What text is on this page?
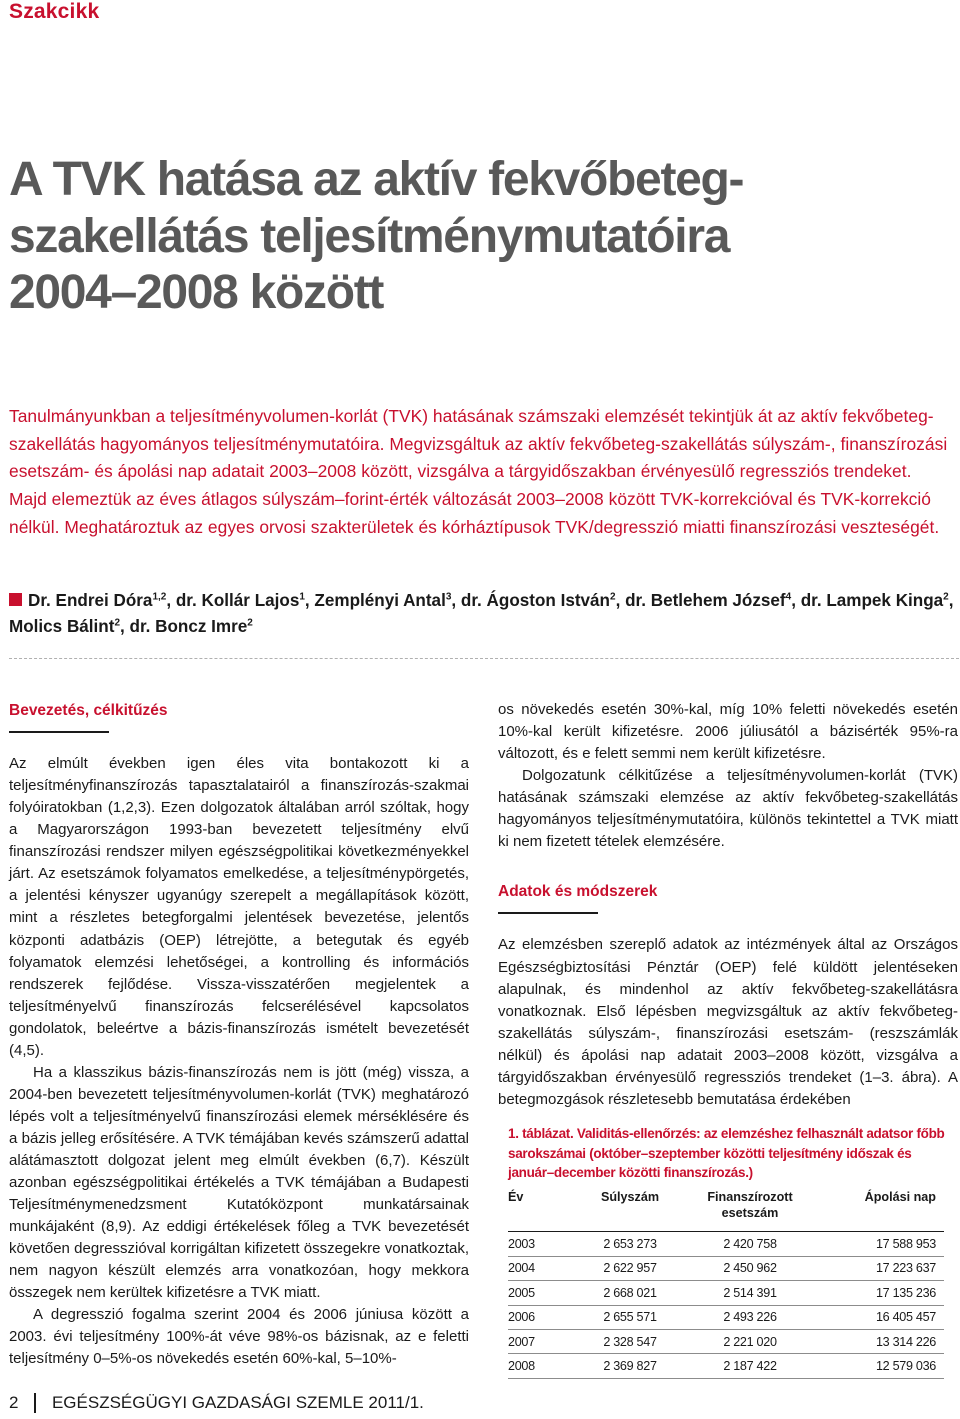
Szakcikk
A TVK hatása az aktív fekvőbeteg-
szakellátás teljesítménymutatóira
2004–2008 között

Tanulmányunkban a teljesítményvolumen-korlát (TVK) hatásának számszaki elemzését tekintjük át az aktív fekvőbeteg-szakellátás hagyományos teljesítménymutatóira. Megvizsgáltuk az aktív fekvőbeteg-szakellátás súlyszám-, finanszírozási esetszám- és ápolási nap adatait 2003–2008 között, vizsgálva a tárgyidőszakban érvényesülő regressziós trendeket. Majd elemeztük az éves átlagos súlyszám–forint-érték változását 2003–2008 között TVK-korrekcióval és TVK-korrekció nélkül. Meghatároztuk az egyes orvosi szakterületek és kórháztípusok TVK/degresszió miatti finanszírozási veszteségét.

Dr. Endrei Dóra$^{1,2}$, dr. Kollár Lajos$^1$, Zemplényi Antal$^3$, dr. Ágoston István$^2$, dr. Betlehem József$^4$, dr. Lampek Kinga$^2$, Molics Bálint$^2$, dr. Boncz Imre$^2$

Bevezetés, célkitűzés

Az elmúlt években igen éles vita bontakozott ki a teljesítményfinanszírozás tapasztalatairól a finanszírozás-szakmai folyóiratokban (1,2,3). Ezen dolgozatok általában arról szóltak, hogy a Magyarországon 1993-ban bevezetett teljesítmény elvű finanszírozási rendszer milyen egészségpolitikai következményekkel járt. Az esetszámok folyamatos emelkedése, a teljesítménypörgetés, a jelentési kényszer ugyanúgy szerepelt a megállapítások között, mint a részletes betegforgalmi jelentések bevezetése, jelentős központi adatbázis (OEP) létrejötte, a betegutak és egyéb folyamatok elemzési lehetőségei, a kontrolling és információs rendszerek fejlődése. Vissza-visszatérően megjelentek a teljesítményelvű finanszírozás felcserélésével kapcsolatos gondolatok, beleértve a bázis-finanszírozás ismételt bevezetését (4,5).

Ha a klasszikus bázis-finanszírozás nem is jött (még) vissza, a 2004-ben bevezetett teljesítményvolumen-korlát (TVK) meghatározó lépés volt a teljesítményelvű finanszírozási elemek mérséklésére és a bázis jelleg erősítésére. A TVK témájában kevés számszerű adattal alátámasztott dolgozat jelent meg elmúlt években (6,7). Készült azonban egészségpolitikai értékelés a TVK témájában a Budapesti Teljesítménymenedzsment Kutatóközpont munkatársainak munkájaként (8,9). Az eddigi értékelések főleg a TVK bevezetését követően degresszióval korrigáltan kifizetett összegekre vonatkoztak, nem nagyon készült elemzés arra vonatkozóan, hogy mekkora összegek nem kerültek kifizetésre a TVK miatt.

A degresszió fogalma szerint 2004 és 2006 júniusa között a 2003. évi teljesítmény 100%-át véve 98%-os bázisnak, az e feletti teljesítmény 0–5%-os növekedés esetén 60%-kal, 5–10%-

os növekedés esetén 30%-kal, míg 10% feletti növekedés esetén 10%-kal került kifizetésre. 2006 júliusától a bázisérték 95%-ra változott, és e felett semmi nem került kifizetésre.

Dolgozatunk célkitűzése a teljesítményvolumen-korlát (TVK) hatásának számszaki elemzése az aktív fekvőbeteg-szakellátás hagyományos teljesítménymutatóira, különös tekintettel a TVK miatt ki nem fizetett tételek elemzésére.

Adatok és módszerek

Az elemzésben szereplő adatok az intézmények által az Országos Egészségbiztosítási Pénztár (OEP) felé küldött jelentéseken alapulnak, és mindenhol az aktív fekvőbeteg-szakellátásra vonatkoznak. Első lépésben megvizsgáltuk az aktív fekvőbeteg-szakellátás súlyszám-, finanszírozási esetszám- (reszszámlák nélkül) és ápolási nap adatait 2003–2008 között, vizsgálva a tárgyidőszakban érvényesülő regressziós trendeket (1–3. ábra). A betegmozgások részletesebb bemutatása érdekében

1. táblázat. Validitás-ellenőrzés: az elemzéshez felhasznált adatsor főbb sarokszámai (október–szeptember közötti teljesítmény időszak és január–december közötti finanszírozás.)

Év	Súlyszám	Finanszírozott esetszám	Ápolási nap
2003	2 653 273	2 420 758	17 588 953
2004	2 622 957	2 450 962	17 223 637
2005	2 668 021	2 514 391	17 135 236
2006	2 655 571	2 493 226	16 405 457
2007	2 328 547	2 221 020	13 314 226
2008	2 369 827	2 187 422	12 579 036
2 EGÉSZSÉGÜGYI GAZDASÁGI SZEMLE 2011/1.
